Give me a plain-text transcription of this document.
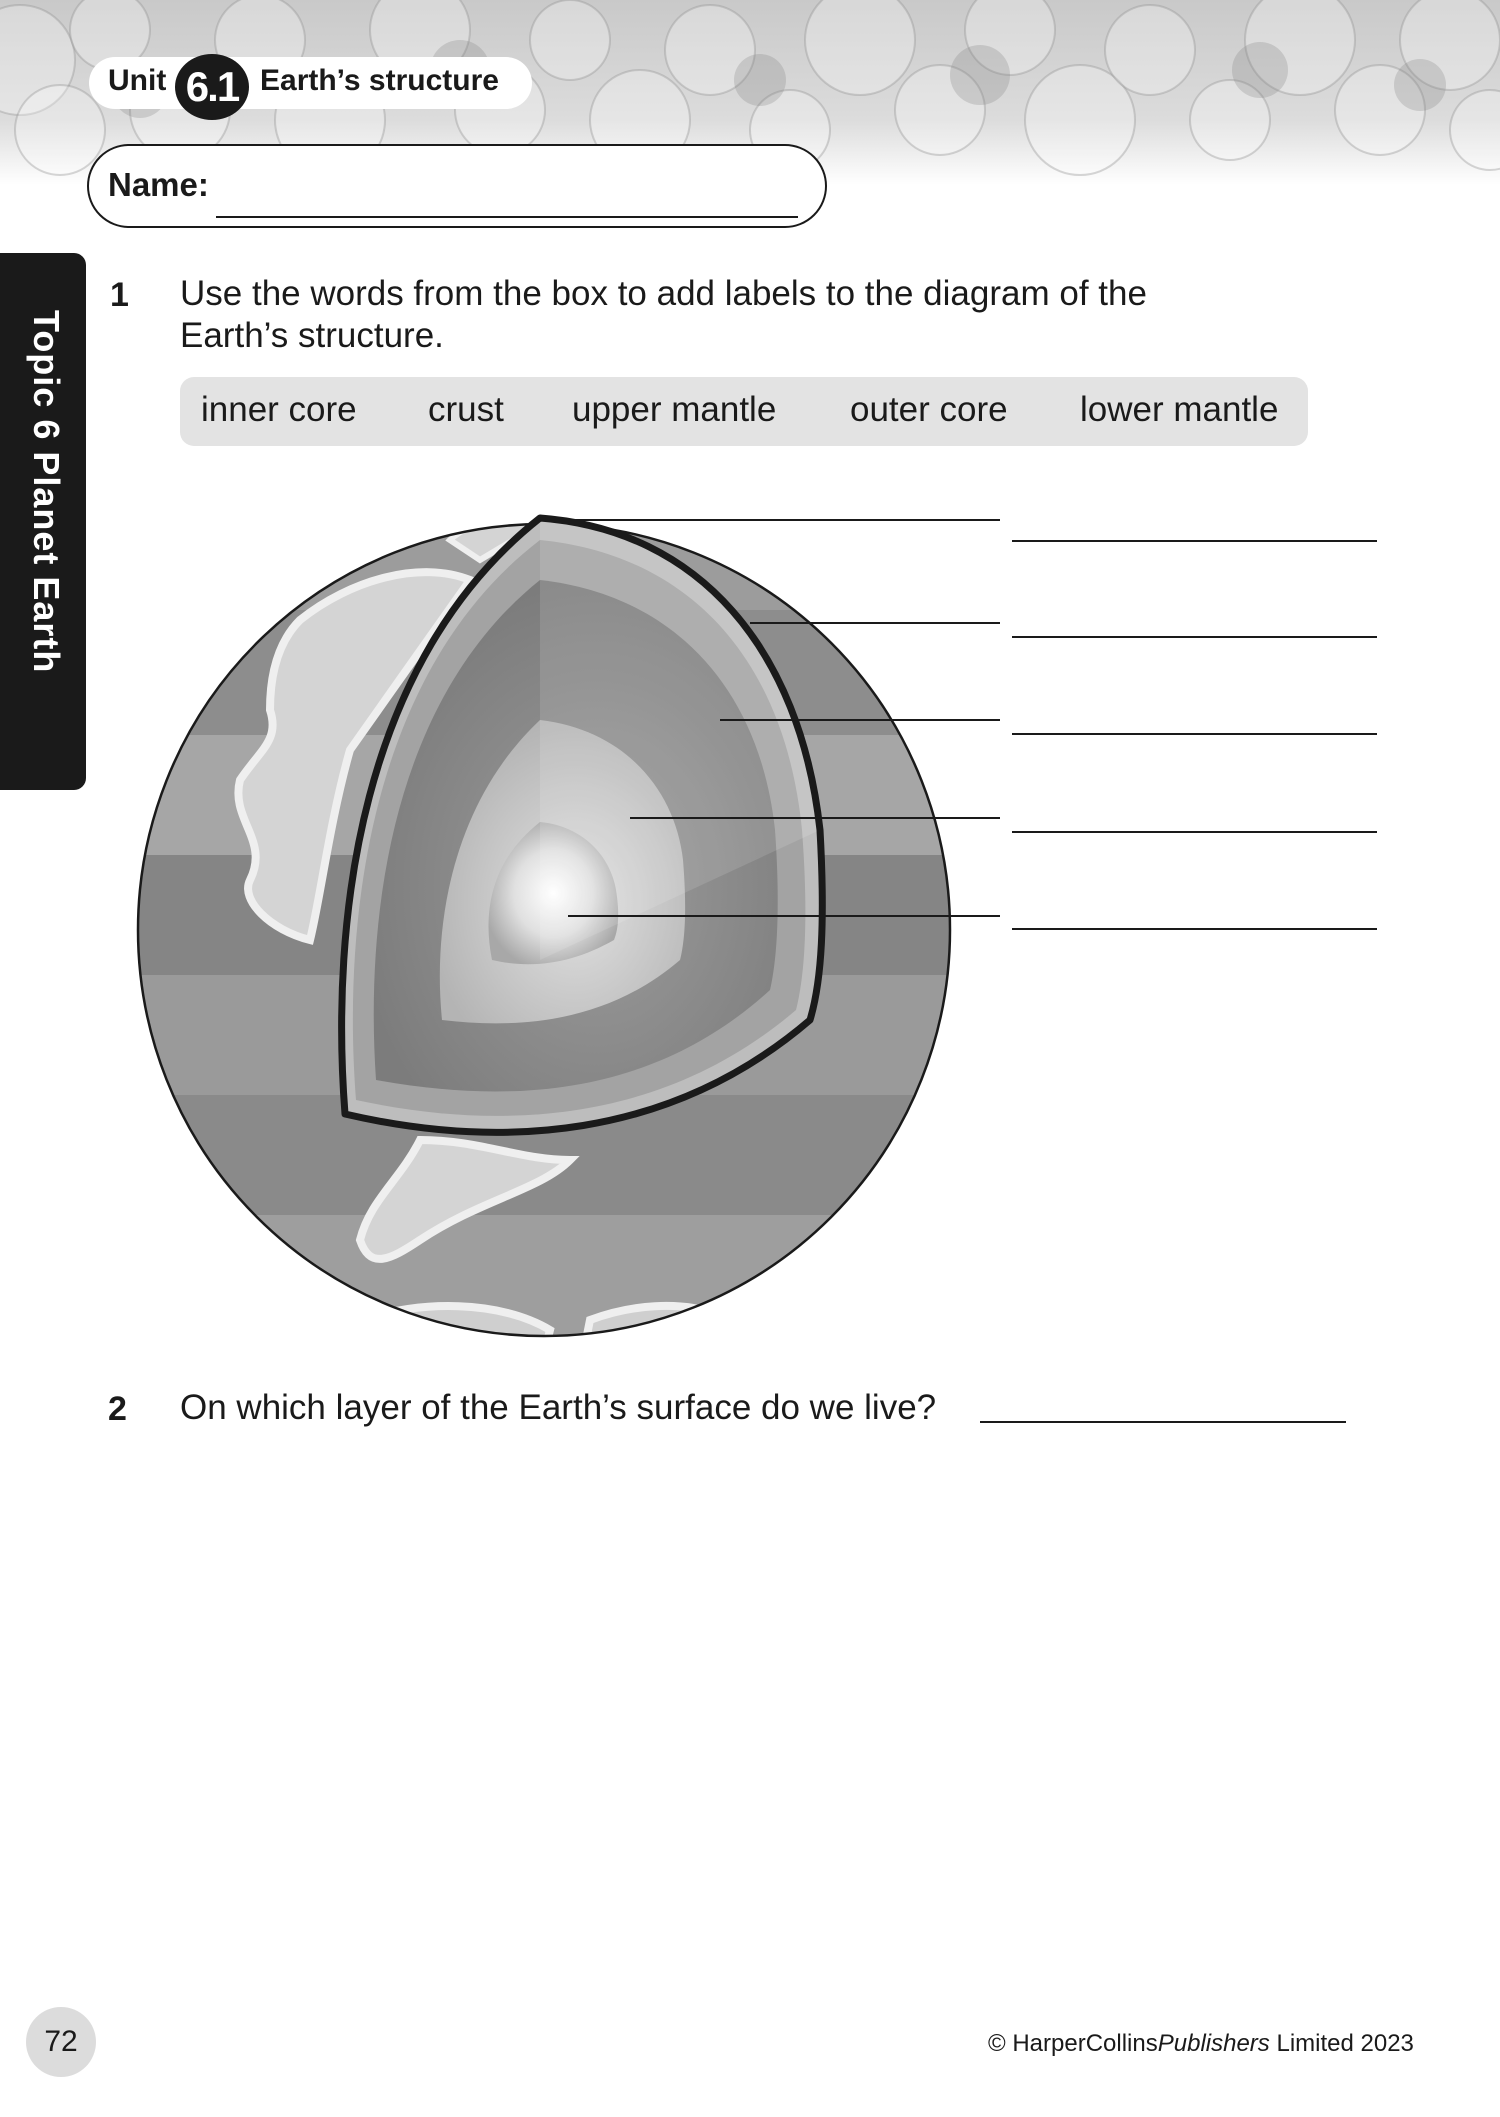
Unit 6.1 Earth’s structure
Name:
Topic 6 Planet Earth
1 Use the words from the box to add labels to the diagram of the
Earth’s structure.
inner core crust upper mantle outer core lower mantle
2 On which layer of the Earth’s surface do we live?
72	© HarperCollinsPublishers Limited 2023
